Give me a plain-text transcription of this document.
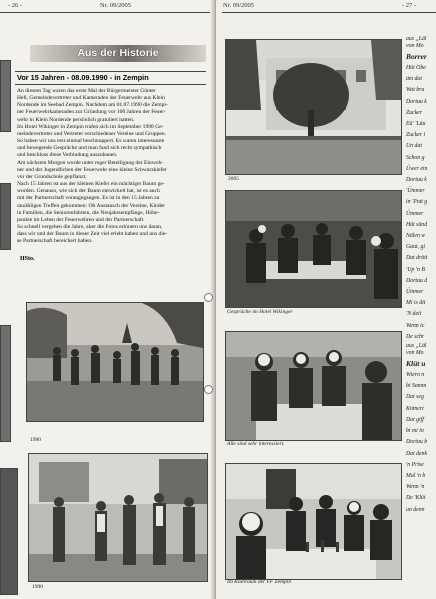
- 26 -	Nr. 09/2005
Aus der Historie
Vor 15 Jahren - 08.09.1990 - in Zempin
An diesem Tag waren das erste Mal der Bürgermeister Günter
Hell, Gemeindevertreter und Kameraden der Feuerwehr aus Klein
Nordende im Seebad Zempin. Nachdem am 01.07.1990 die Zempi-
ner Feuerwehrkameraden zur Gründung vor 100 Jahren der Feuer-
wehr in Klein Nordende persönlich gratuliert hatten.
Im Hotel Wikinger in Zempin trafen sich im September 1990 Ge-
meindevertreter und Vertreter verschiedener Vereine und Gruppen.
So haben wir uns erst einmal beschnuppert. Es waren interessante
und bewegende Gespräche und man fand sich recht sympathisch
und beschloss diese Verbindung auszubauen.
Am nächsten Morgen wurde unter reger Beteiligung der Einwoh-
ner und der Jugendlichen der Feuerwehr eine kleine Schwarzkiefer
vor der Grundschule gepflanzt.
Nach 15 Jahren ist aus der kleinen Kiefer ein mächtiger Baum ge-
worden. Genauso, wie sich der Baum entwickelt hat, ist es auch
mit der Partnerschaft vorangegangen. Es ist in den 15 Jahren zu
unzähligen Treffen gekommen: Ob Austausch der Vereine, Kinder
in Familien, die Seniorenfahrten, die Neujahrsempfänge, Höhe-
punkte im Leben der Feuerwehren und der Partnerschaft.
So schnell vergehen die Jahre, aber die Fotos erinnern uns daran,
dass wir und der Baum in dieser Zeit viel erlebt haben und uns die-
se Partnerschaft bereichert haben.
HSto.
1990
1990
Nr. 09/2005	- 27 -
2005
Gespräche im Hotel Wikinger
Alle sind sehr interessiert.
Im Klubraum der FF Zempin
aus „Läl
von Mo
Borrer
Hüt Obe
üm dat
Wat bru
Dortau k
Zucker
Eä' 'Läu
Zucker i
Un dat
Schon g
Üwer ein
Dortau k
'Ümmer
in 'Pott g
Ümmer
Hüt sünd
Nälen w
Gaut, gi
Dat drütt
'Up 'n B
Dortau d
Ümmer
Mi is dit
'N deit
Wenn ic
De schr
aus „Läl
von Mo
Klüt u
Wiern n
bi Samm
Dat seg
Kinnert
Dat giff
bi mi in
Dortau b
Dat denk
'n Prise
Mal 'n b
Wenn 'n
De 'Klüt
un denn
